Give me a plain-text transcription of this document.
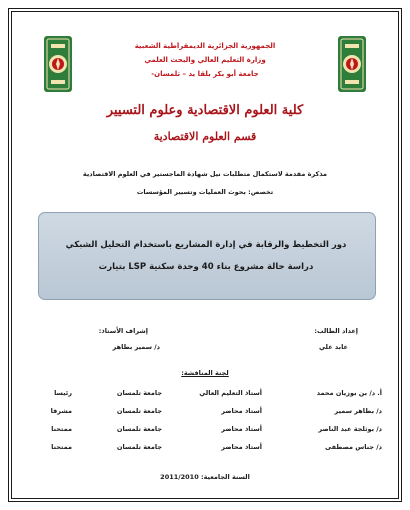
الجمهورية الجزائرية الديمقراطية الشعبية
وزارة التعليم العالي والبحث العلمي
جامعة أبو بكر بلقا يد – تلمسان-
كلية العلوم الاقتصادية وعلوم التسيير
قسم العلوم الاقتصادية
مذكرة مقدمة لاستكمال متطلبات نيل شهادة الماجستير في العلوم الاقتصادية
تخصص: بحوث العمليات وتسيير المؤسسات
دور التخطيط والرقابة في إدارة المشاريع باستخدام التحليل الشبكي
دراسة حالة مشروع بناء 40 وحدة سكنية LSP بتيارت
إعداد الطالب:
عابد علي
إشراف الأستاذ:
د/ سمير بطاهر
لجنة المناقشة:
أ. د/ بن بوزيان محمد
أستاذ التعليم العالي
جامعة تلمسان
رئيسا
د/ بطاهر سمير
أستاذ محاضر
جامعة تلمسان
مشرفا
د/ بوثلجة عبد الناصر
أستاذ محاضر
جامعة تلمسان
ممتحنا
د/ جناس مصطفى
أستاذ محاضر
جامعة تلمسان
ممتحنا
السنة الجامعية: 2011/2010
